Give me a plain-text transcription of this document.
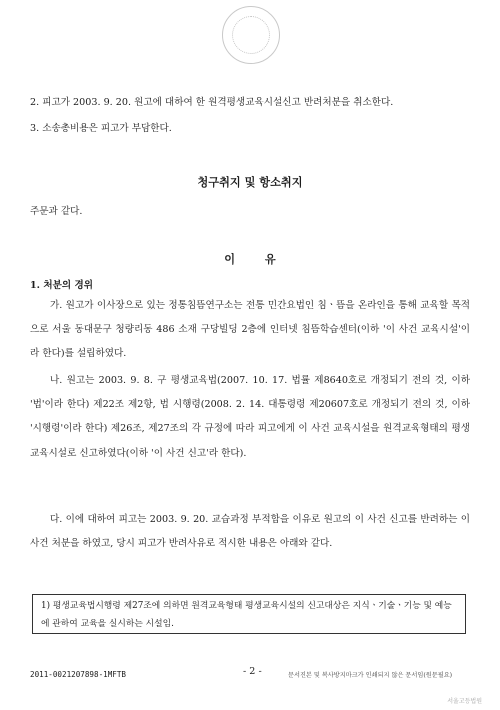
2. 피고가 2003. 9. 20. 원고에 대하여 한 원격평생교육시설신고 반려처분을 취소한다.
3. 소송총비용은 피고가 부담한다.
청구취지 및 항소취지
주문과 같다.
이 유
1. 처분의 경위
가. 원고가 이사장으로 있는 정통침뜸연구소는 전통 민간요법인 침ㆍ뜸을 온라인을 통해 교육할 목적으로 서울 동대문구 청량리동 486 소재 구당빌딩 2층에 인터넷 침뜸학습센터(이하 '이 사건 교육시설'이라 한다)를 설립하였다.
나. 원고는 2003. 9. 8. 구 평생교육법(2007. 10. 17. 법률 제8640호로 개정되기 전의 것, 이하 '법'이라 한다) 제22조 제2항, 법 시행령(2008. 2. 14. 대통령령 제20607호로 개정되기 전의 것, 이하 '시행령'이라 한다) 제26조, 제27조의 각 규정에 따라 피고에게 이 사건 교육시설을 원격교육형태의 평생교육시설로 신고하였다(이하 '이 사건 신고'라 한다).
다. 이에 대하여 피고는 2003. 9. 20. 교습과정 부적합을 이유로 원고의 이 사건 신고를 반려하는 이 사건 처분을 하였고, 당시 피고가 반려사유로 적시한 내용은 아래와 같다.
1) 평생교육법시행령 제27조에 의하면 원격교육형태 평생교육시설의 신고대상은 지식ㆍ기술ㆍ기능 및 예능에 관하여 교육을 실시하는 시설임.
2011-0021207898-1MFTB	- 2 -	문서진본 및 복사방지마크가 인쇄되지 않은 문서임(원문필요)
서울고등법원
